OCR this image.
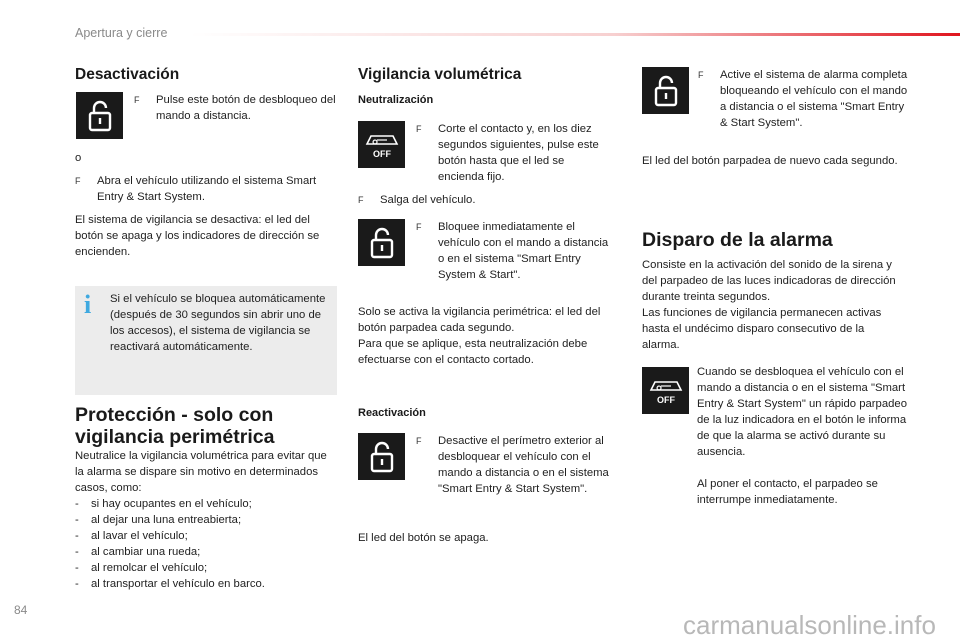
Apertura y cierre
Desactivación
F	Pulse este botón de desbloqueo del mando a distancia.
o
F	Abra el vehículo utilizando el sistema Smart Entry & Start System.

El sistema de vigilancia se desactiva: el led del botón se apaga y los indicadores de dirección se encienden.

i Si el vehículo se bloquea automáticamente (después de 30 segundos sin abrir uno de los accesos), el sistema de vigilancia se reactivará automáticamente.

Protección - solo con
vigilancia perimétrica

Neutralice la vigilancia volumétrica para evitar que la alarma se dispare sin motivo en determinados casos, como:

-	si hay ocupantes en el vehículo;
-	al dejar una luna entreabierta;
-	al lavar el vehículo;
-	al cambiar una rueda;
-	al remolcar el vehículo;
-	al transportar el vehículo en barco.
Vigilancia volumétrica
Neutralización
OFF
F	Corte el contacto y, en los diez segundos siguientes, pulse este botón hasta que el led se encienda fijo.
F	Salga del vehículo.
F	Bloquee inmediatamente el vehículo con el mando a distancia o en el sistema "Smart Entry System & Start".

Solo se activa la vigilancia perimétrica: el led del botón parpadea cada segundo.

Para que se aplique, esta neutralización debe efectuarse con el contacto cortado.

Reactivación
F	Desactive el perímetro exterior al desbloquear el vehículo con el mando a distancia o en el sistema "Smart Entry & Start System".

El led del botón se apaga.

F	Active el sistema de alarma completa bloqueando el vehículo con el mando a distancia o el sistema "Smart Entry & Start System".

El led del botón parpadea de nuevo cada segundo.

Disparo de la alarma

Consiste en la activación del sonido de la sirena y del parpadeo de las luces indicadoras de dirección durante treinta segundos.

Las funciones de vigilancia permanecen activas hasta el undécimo disparo consecutivo de la alarma.

OFF

Cuando se desbloquea el vehículo con el mando a distancia o en el sistema "Smart Entry & Start System" un rápido parpadeo de la luz indicadora en el botón le informa de que la alarma se activó durante su ausencia.

Al poner el contacto, el parpadeo se interrumpe inmediatamente.

84	carmanualsonline.info
